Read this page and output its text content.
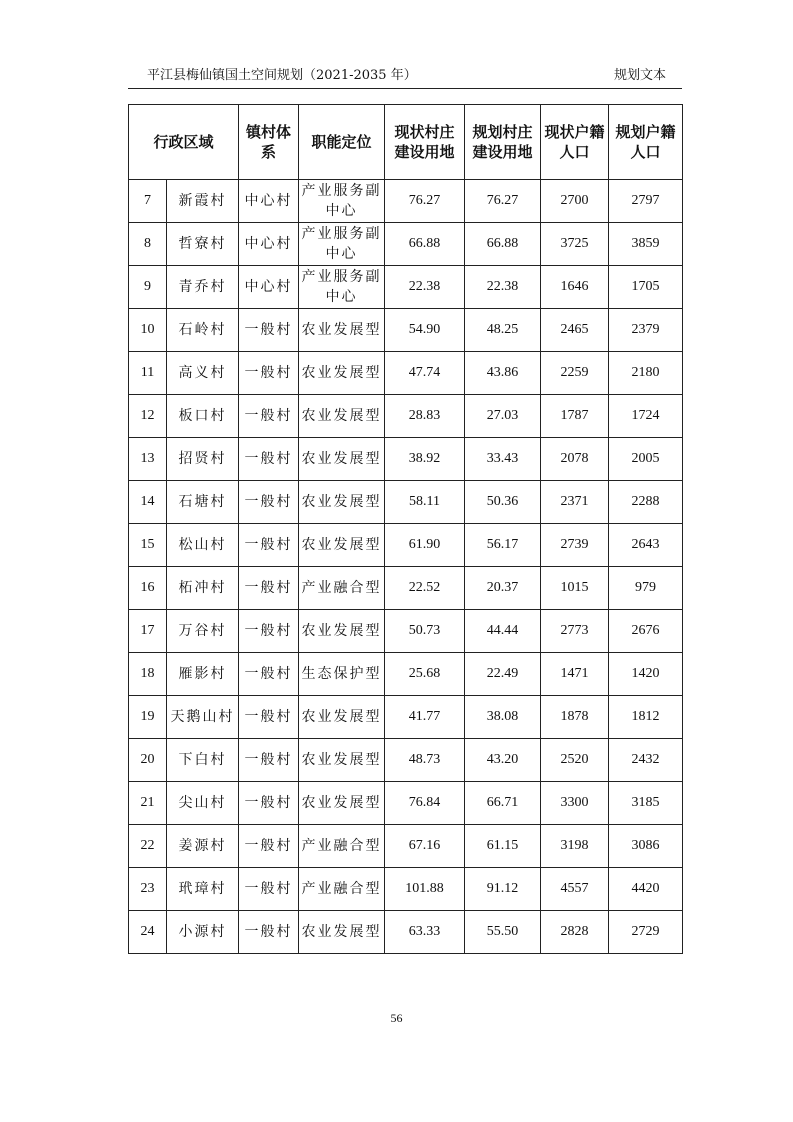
平江县梅仙镇国土空间规划（2021-2035 年）	规划文本
行政区域		镇村体系	职能定位	现状村庄建设用地	规划村庄建设用地	现状户籍人口	规划户籍人口

7	新霞村	中心村	产业服务副中心	76.27	76.27	2700	2797
8	哲寮村	中心村	产业服务副中心	66.88	66.88	3725	3859
9	青乔村	中心村	产业服务副中心	22.38	22.38	1646	1705
10	石岭村	一般村	农业发展型	54.90	48.25	2465	2379
11	高义村	一般村	农业发展型	47.74	43.86	2259	2180
12	板口村	一般村	农业发展型	28.83	27.03	1787	1724
13	招贤村	一般村	农业发展型	38.92	33.43	2078	2005
14	石塘村	一般村	农业发展型	58.11	50.36	2371	2288
15	松山村	一般村	农业发展型	61.90	56.17	2739	2643
16	柘冲村	一般村	产业融合型	22.52	20.37	1015	979
17	万谷村	一般村	农业发展型	50.73	44.44	2773	2676
18	雁影村	一般村	生态保护型	25.68	22.49	1471	1420
19	天鹅山村	一般村	农业发展型	41.77	38.08	1878	1812
20	下白村	一般村	农业发展型	48.73	43.20	2520	2432
21	尖山村	一般村	农业发展型	76.84	66.71	3300	3185
22	姜源村	一般村	产业融合型	67.16	61.15	3198	3086
23	玳璋村	一般村	产业融合型	101.88	91.12	4557	4420
24	小源村	一般村	农业发展型	63.33	55.50	2828	2729
56
